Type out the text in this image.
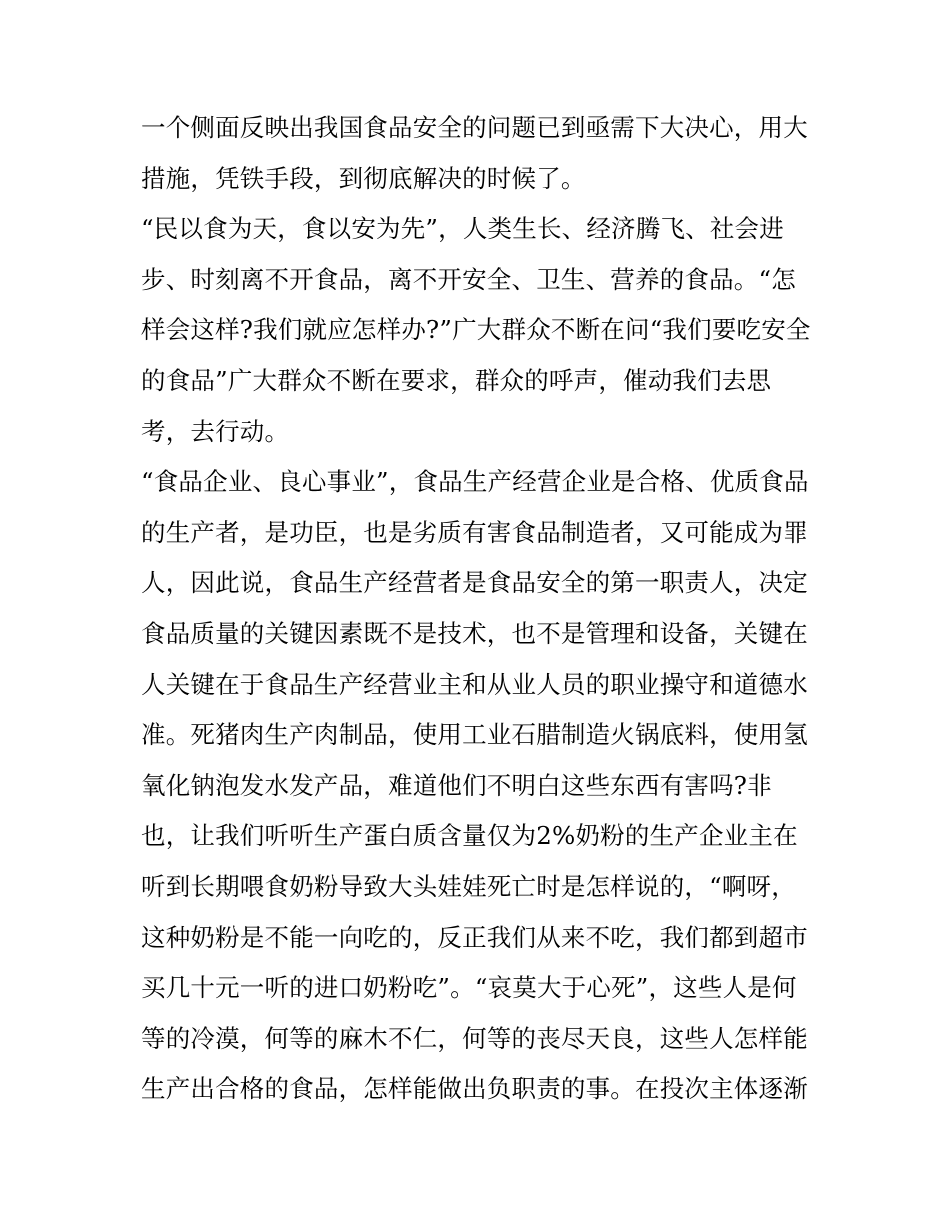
一个侧面反映出我国食品安全的问题已到亟需下大决心，用大
措施，凭铁手段，到彻底解决的时候了。
“民以食为天，食以安为先”，人类生长、经济腾飞、社会进
步、时刻离不开食品，离不开安全、卫生、营养的食品。“怎
样会这样?我们就应怎样办?”广大群众不断在问“我们要吃安全
的食品”广大群众不断在要求，群众的呼声，催动我们去思
考，去行动。
“食品企业、良心事业”，食品生产经营企业是合格、优质食品
的生产者，是功臣，也是劣质有害食品制造者，又可能成为罪
人，因此说，食品生产经营者是食品安全的第一职责人，决定
食品质量的关键因素既不是技术，也不是管理和设备，关键在
人关键在于食品生产经营业主和从业人员的职业操守和道德水
准。死猪肉生产肉制品，使用工业石腊制造火锅底料，使用氢
氧化钠泡发水发产品，难道他们不明白这些东西有害吗?非
也，让我们听听生产蛋白质含量仅为2%奶粉的生产企业主在
听到长期喂食奶粉导致大头娃娃死亡时是怎样说的，“啊呀，
这种奶粉是不能一向吃的，反正我们从来不吃，我们都到超市
买几十元一听的进口奶粉吃”。“哀莫大于心死”，这些人是何
等的冷漠，何等的麻木不仁，何等的丧尽天良，这些人怎样能
生产出合格的食品，怎样能做出负职责的事。在投次主体逐渐
